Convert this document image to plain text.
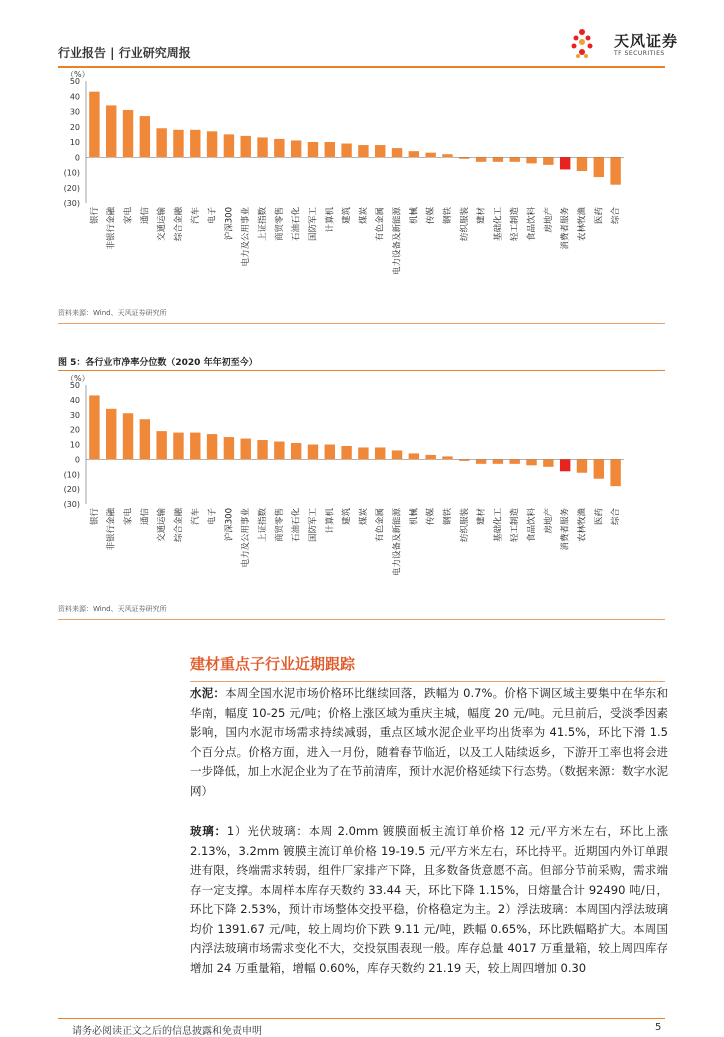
行业报告 | 行业研究周报
天风证券
TF SECURITIES
（%）
50
40
30
20
10
0
(10)
(20)
(30)
银行 非银行金融 家电 通信 交通运输 综合金融 汽车 电子 沪深300 电力及公用事业 上证指数 商贸零售 石油石化 国防军工 计算机 建筑 煤炭 有色金属 电力设备及新能源 机械 传媒 钢铁 纺织服装 建材 基础化工 轻工制造 食品饮料 房地产 消费者服务 农林牧渔 医药 综合
资料来源：Wind、天风证券研究所
图 5：各行业市净率分位数（2020 年年初至今）
（%）
50
40
30
20
10
0
(10)
(20)
(30)
银行 非银行金融 家电 通信 交通运输 综合金融 汽车 电子 沪深300 电力及公用事业 上证指数 商贸零售 石油石化 国防军工 计算机 建筑 煤炭 有色金属 电力设备及新能源 机械 传媒 钢铁 纺织服装 建材 基础化工 轻工制造 食品饮料 房地产 消费者服务 农林牧渔 医药 综合
资料来源：Wind、天风证券研究所
建材重点子行业近期跟踪
水泥：本周全国水泥市场价格环比继续回落，跌幅为 0.7%。价格下调区域主要集中在华东和华南，幅度 10-25 元/吨；价格上涨区域为重庆主城，幅度 20 元/吨。元旦前后，受淡季因素影响，国内水泥市场需求持续减弱，重点区域水泥企业平均出货率为 41.5%，环比下滑 1.5 个百分点。价格方面，进入一月份，随着春节临近，以及工人陆续返乡，下游开工率也将会进一步降低，加上水泥企业为了在节前清库，预计水泥价格延续下行态势。（数据来源：数字水泥网）
玻璃：1）光伏玻璃：本周 2.0mm 镀膜面板主流订单价格 12 元/平方米左右，环比上涨 2.13%，3.2mm 镀膜主流订单价格 19-19.5 元/平方米左右，环比持平。近期国内外订单跟进有限，终端需求转弱，组件厂家排产下降，且多数备货意愿不高。但部分节前采购，需求端存一定支撑。本周样本库存天数约 33.44 天，环比下降 1.15%，日熔量合计 92490 吨/日，环比下降 2.53%，预计市场整体交投平稳，价格稳定为主。2）浮法玻璃：本周国内浮法玻璃均价 1391.67 元/吨，较上周均价下跌 9.11 元/吨，跌幅 0.65%，环比跌幅略扩大。本周国内浮法玻璃市场需求变化不大，交投氛围表现一般。库存总量 4017 万重量箱，较上周四库存增加 24 万重量箱，增幅 0.60%，库存天数约 21.19 天，较上周四增加 0.30
请务必阅读正文之后的信息披露和免责申明	5
